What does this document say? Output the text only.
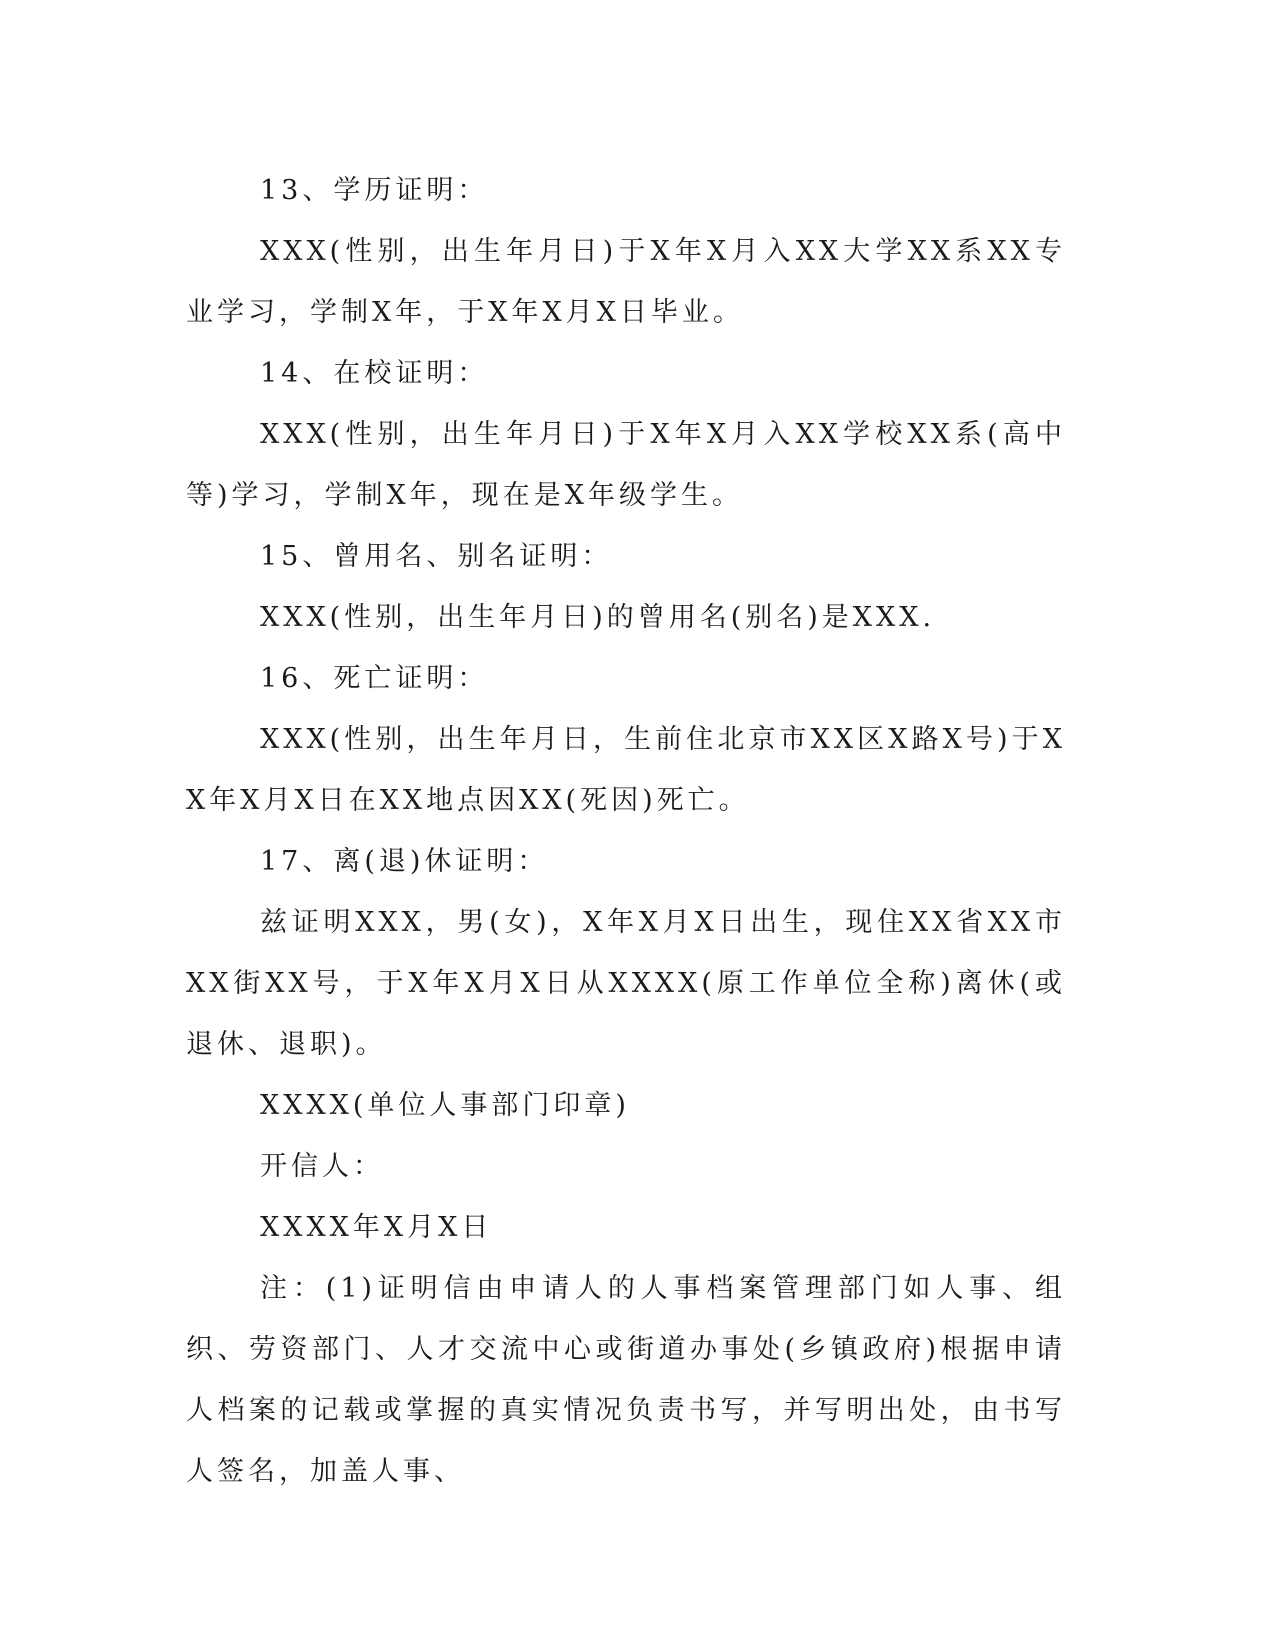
13、学历证明：

XXX(性别，出生年月日)于X年X月入XX大学XX系XX专业学习，学制X年，于X年X月X日毕业。

14、在校证明：

XXX(性别，出生年月日)于X年X月入XX学校XX系(高中等)学习，学制X年，现在是X年级学生。

15、曾用名、别名证明：

XXX(性别，出生年月日)的曾用名(别名)是XXX.

16、死亡证明：

XXX(性别，出生年月日，生前住北京市XX区X路X号)于XX年X月X日在XX地点因XX(死因)死亡。

17、离(退)休证明：

兹证明XXX，男(女)，X年X月X日出生，现住XX省XX市XX街XX号，于X年X月X日从XXXX(原工作单位全称)离休(或退休、退职)。

XXXX(单位人事部门印章)

开信人：

XXXX年X月X日

注：(1)证明信由申请人的人事档案管理部门如人事、组织、劳资部门、人才交流中心或街道办事处(乡镇政府)根据申请人档案的记载或掌握的真实情况负责书写，并写明出处，由书写人签名，加盖人事、
